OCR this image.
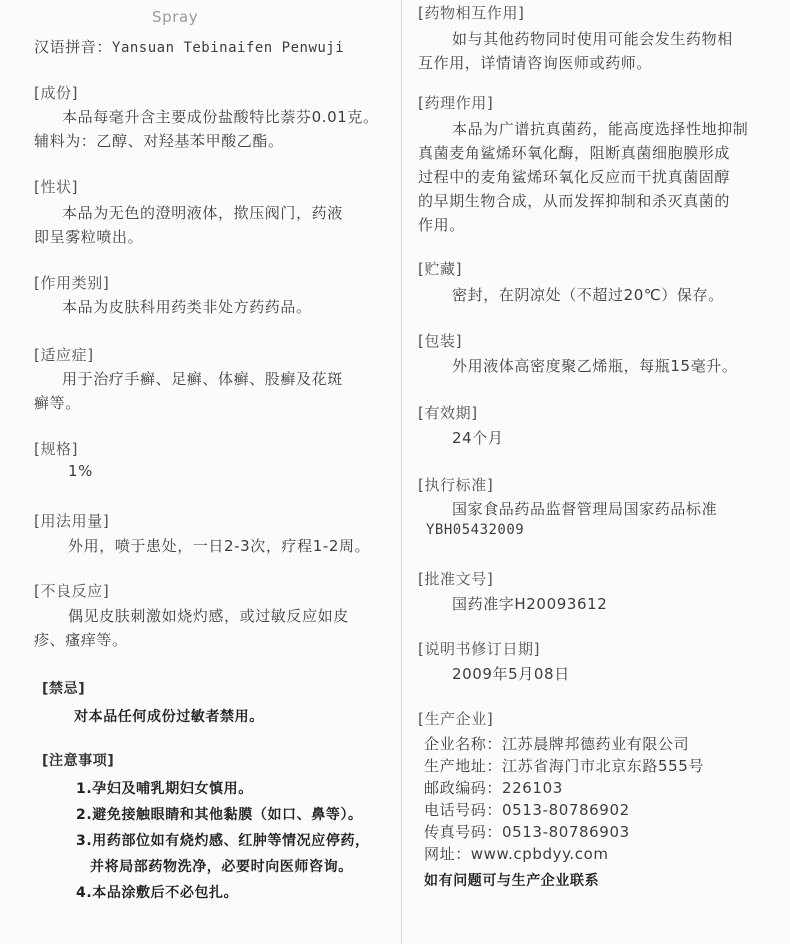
Spray
汉语拼音：Yansuan Tebinaifen Penwuji
[成份]
本品每毫升含主要成份盐酸特比萘芬0.01克。
辅料为：乙醇、对羟基苯甲酸乙酯。
[性状]
本品为无色的澄明液体，揿压阀门，药液
即呈雾粒喷出。
[作用类别]
本品为皮肤科用药类非处方药药品。
[适应症]
用于治疗手癣、足癣、体癣、股癣及花斑
癣等。
[规格]
1%
[用法用量]
外用，喷于患处，一日2-3次，疗程1-2周。
[不良反应]
偶见皮肤刺激如烧灼感，或过敏反应如皮
疹、瘙痒等。
[禁忌]
对本品任何成份过敏者禁用。
[注意事项]
1.孕妇及哺乳期妇女慎用。
2.避免接触眼睛和其他黏膜（如口、鼻等）。
3.用药部位如有烧灼感、红肿等情况应停药，
并将局部药物洗净，必要时向医师咨询。
4.本品涂敷后不必包扎。
[药物相互作用]
如与其他药物同时使用可能会发生药物相
互作用，详情请咨询医师或药师。
[药理作用]
本品为广谱抗真菌药，能高度选择性地抑制
真菌麦角鲨烯环氧化酶，阻断真菌细胞膜形成
过程中的麦角鲨烯环氧化反应而干扰真菌固醇
的早期生物合成，从而发挥抑制和杀灭真菌的
作用。
[贮藏]
密封，在阴凉处（不超过20℃）保存。
[包装]
外用液体高密度聚乙烯瓶，每瓶15毫升。
[有效期]
24个月
[执行标准]
国家食品药品监督管理局国家药品标准
YBH05432009
[批准文号]
国药准字H20093612
[说明书修订日期]
2009年5月08日
[生产企业]
企业名称：江苏晨牌邦德药业有限公司
生产地址：江苏省海门市北京东路555号
邮政编码：226103
电话号码：0513-80786902
传真号码：0513-80786903
网址：www.cpbdyy.com
如有问题可与生产企业联系
